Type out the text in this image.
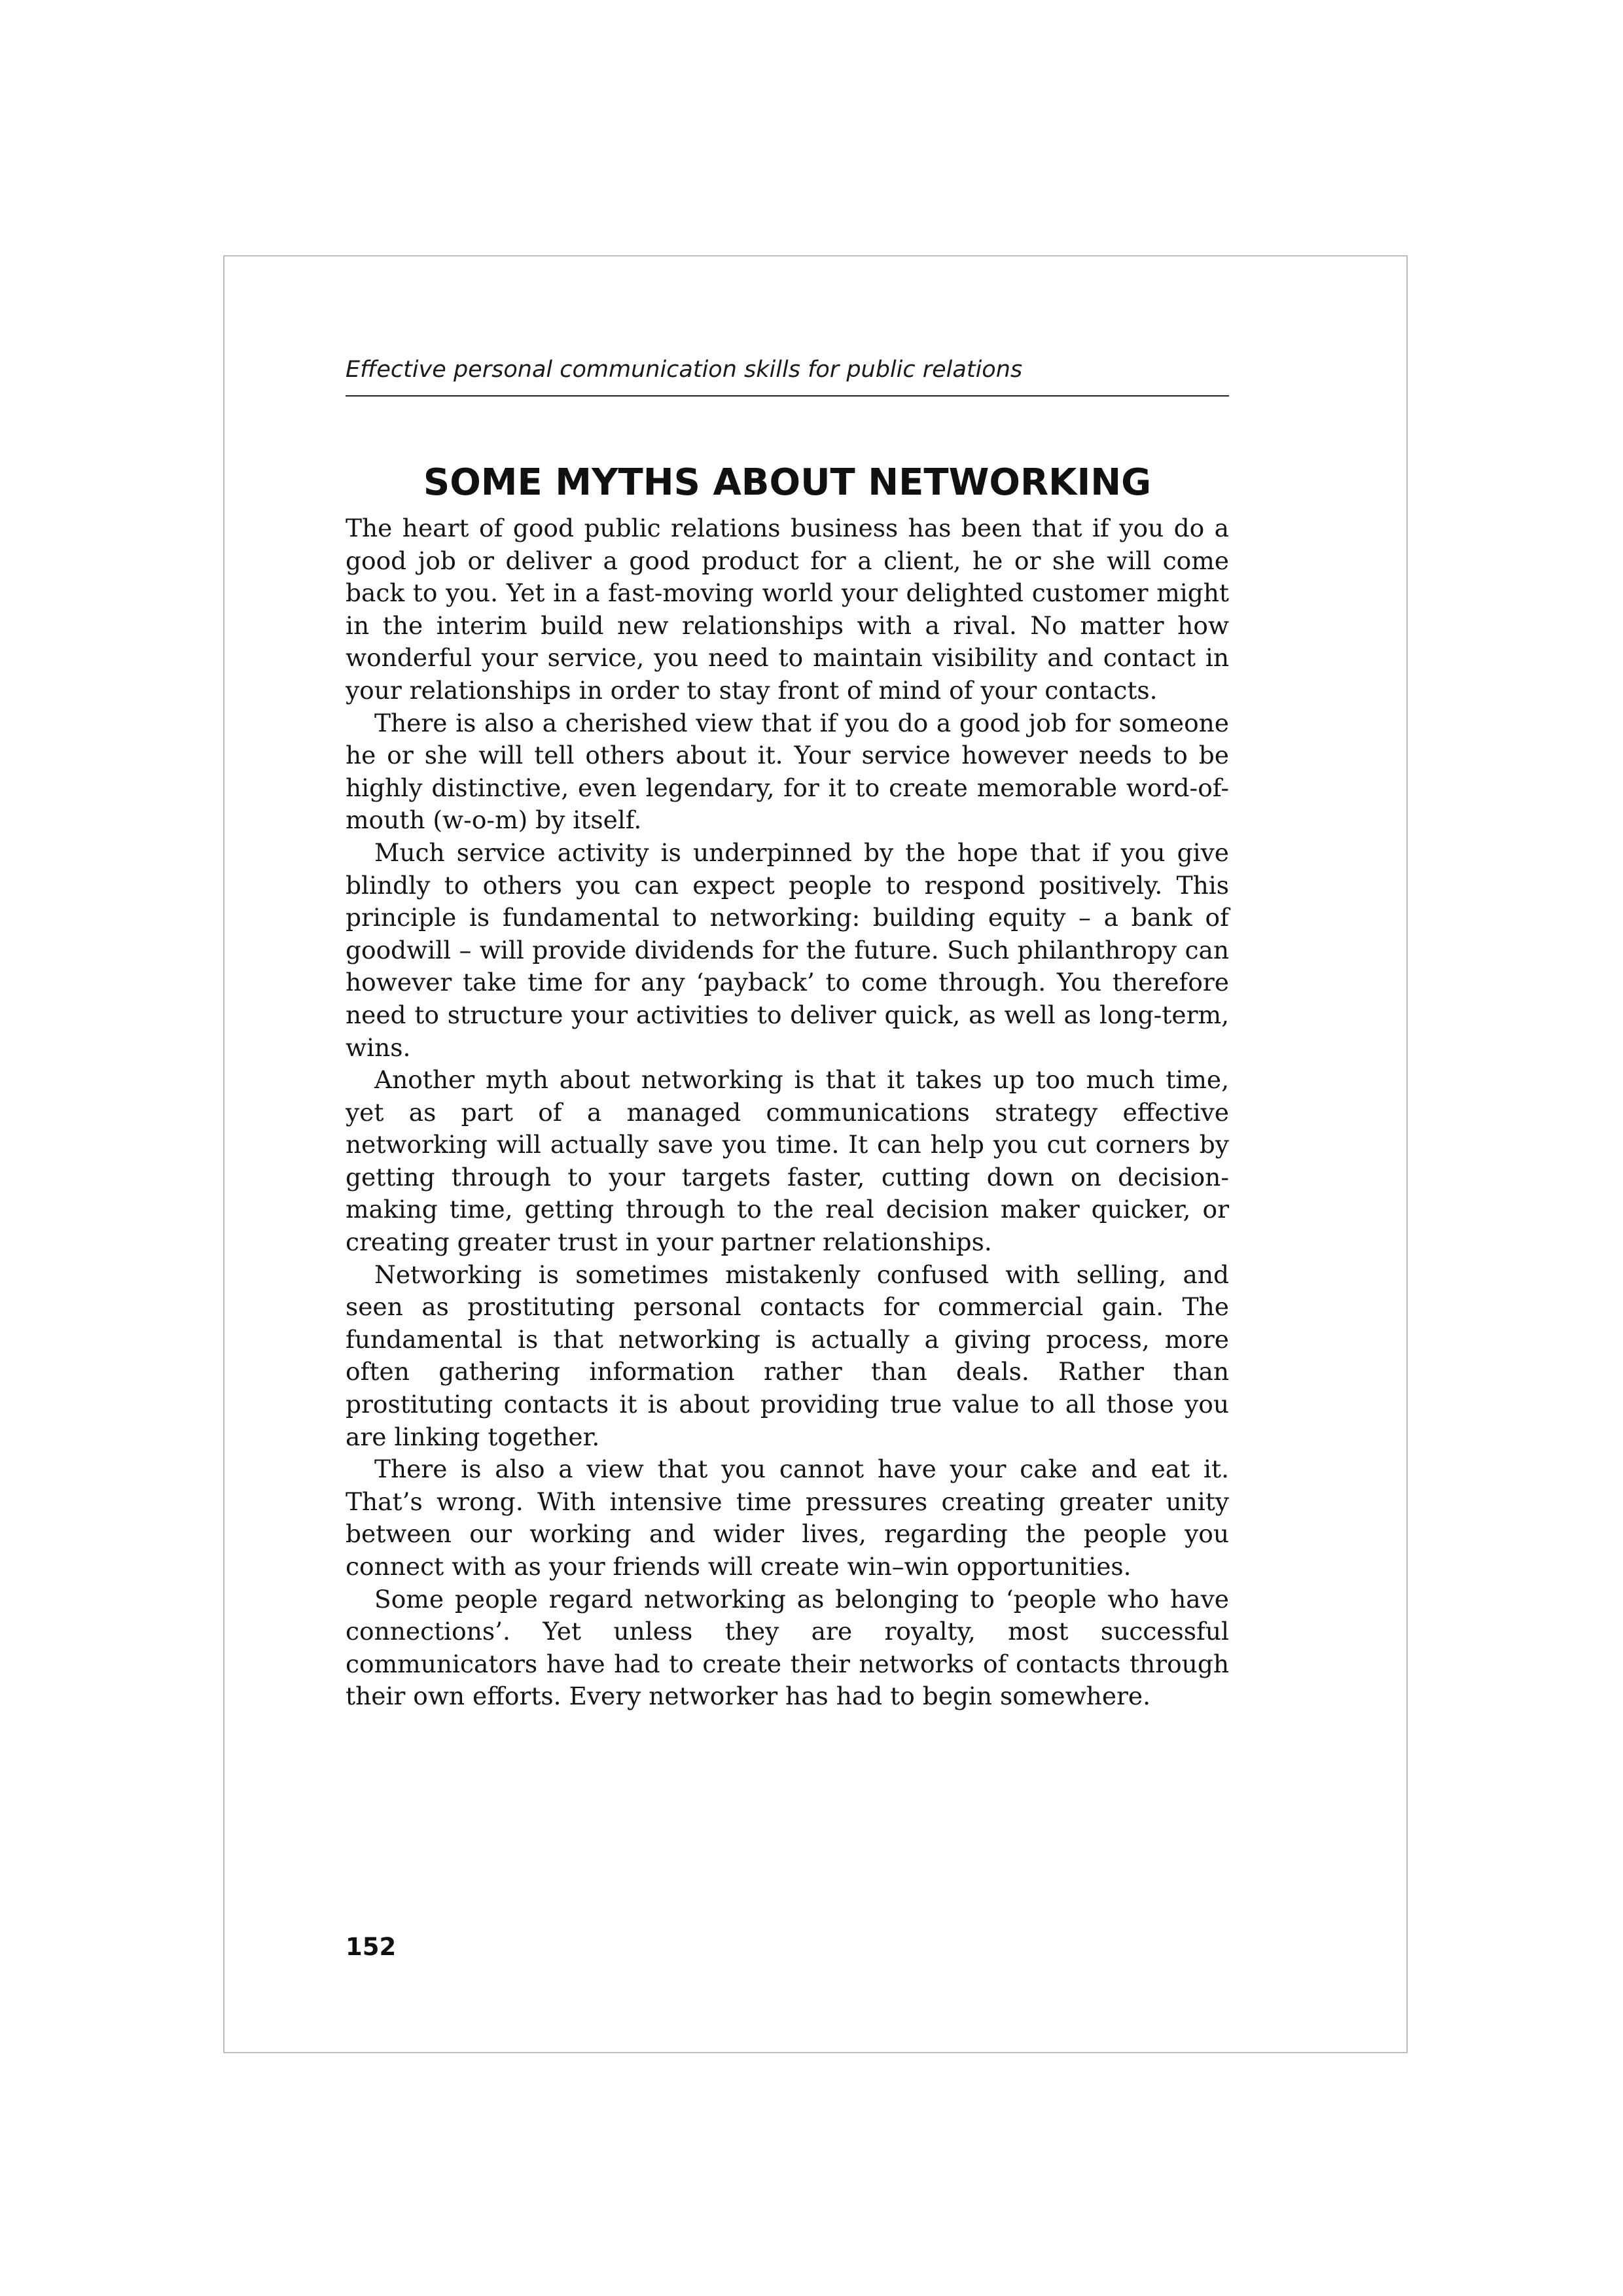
Effective personal communication skills for public relations
SOME MYTHS ABOUT NETWORKING

The heart of good public relations business has been that if you do a good job or deliver a good product for a client, he or she will come back to you. Yet in a fast-moving world your delighted customer might in the interim build new relationships with a rival. No matter how wonderful your service, you need to maintain visibility and contact in your relationships in order to stay front of mind of your contacts.

There is also a cherished view that if you do a good job for someone he or she will tell others about it. Your service however needs to be highly distinctive, even legendary, for it to create memorable word-of-mouth (w-o-m) by itself.

Much service activity is underpinned by the hope that if you give blindly to others you can expect people to respond positively. This principle is fundamental to networking: building equity – a bank of goodwill – will provide dividends for the future. Such philanthropy can however take time for any ‘payback’ to come through. You therefore need to structure your activities to deliver quick, as well as long-term, wins.

Another myth about networking is that it takes up too much time, yet as part of a managed communications strategy effective networking will actually save you time. It can help you cut corners by getting through to your targets faster, cutting down on decision-making time, getting through to the real decision maker quicker, or creating greater trust in your partner relationships.

Networking is sometimes mistakenly confused with selling, and seen as prostituting personal contacts for commercial gain. The fundamental is that networking is actually a giving process, more often gathering information rather than deals. Rather than prostituting contacts it is about providing true value to all those you are linking together.

There is also a view that you cannot have your cake and eat it. That’s wrong. With intensive time pressures creating greater unity between our working and wider lives, regarding the people you connect with as your friends will create win–win opportunities.

Some people regard networking as belonging to ‘people who have connections’. Yet unless they are royalty, most successful communicators have had to create their networks of contacts through their own efforts. Every networker has had to begin somewhere.

152
